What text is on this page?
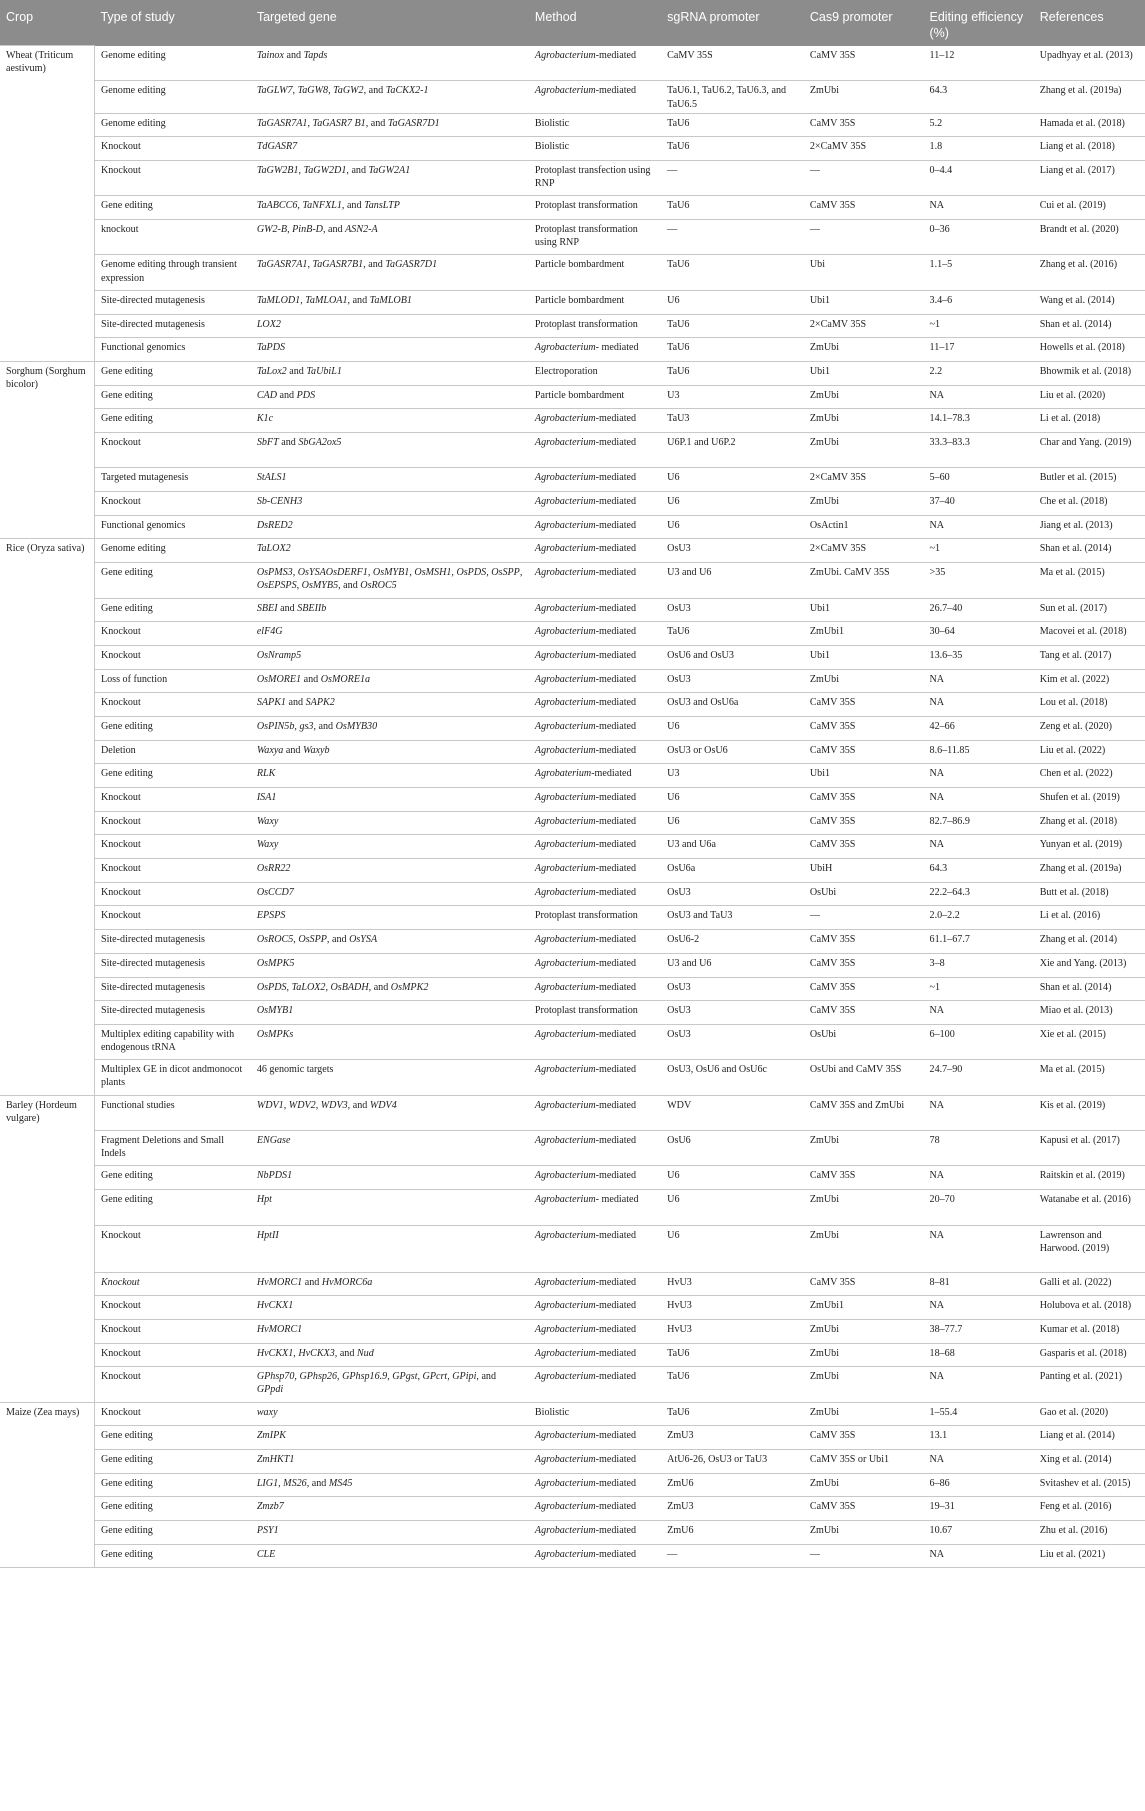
Crop	Type of study	Targeted gene	Method	sgRNA promoter	Cas9 promoter	Editing efficiency (%)	References
Wheat (Triticum aestivum)	Genome editing	Tainox and Tapds	Agrobacterium-mediated	CaMV 35S	CaMV 35S	11–12	Upadhyay et al. (2013)
	Genome editing	TaGLW7, TaGW8, TaGW2, and TaCKX2-1	Agrobacterium-mediated	TaU6.1, TaU6.2, TaU6.3, and TaU6.5	ZmUbi	64.3	Zhang et al. (2019a)
	Genome editing	TaGASR7A1, TaGASR7 B1, and TaGASR7D1	Biolistic	TaU6	CaMV 35S	5.2	Hamada et al. (2018)
	Knockout	TdGASR7	Biolistic	TaU6	2×CaMV 35S	1.8	Liang et al. (2018)
	Knockout	TaGW2B1, TaGW2D1, and TaGW2A1	Protoplast transfection using RNP	—	—	0–4.4	Liang et al. (2017)
	Gene editing	TaABCC6, TaNFXL1, and TansLTP	Protoplast transformation	TaU6	CaMV 35S	NA	Cui et al. (2019)
	knockout	GW2-B, PinB-D, and ASN2-A	Protoplast transformation using RNP	—	—	0–36	Brandt et al. (2020)
	Genome editing through transient expression	TaGASR7A1, TaGASR7B1, and TaGASR7D1	Particle bombardment	TaU6	Ubi	1.1–5	Zhang et al. (2016)
	Site-directed mutagenesis	TaMLOD1, TaMLOA1, and TaMLOB1	Particle bombardment	U6	Ubi1	3.4–6	Wang et al. (2014)
	Site-directed mutagenesis	LOX2	Protoplast transformation	TaU6	2×CaMV 35S	~1	Shan et al. (2014)
	Functional genomics	TaPDS	Agrobacterium- mediated	TaU6	ZmUbi	11–17	Howells et al. (2018)
Sorghum (Sorghum bicolor)	Gene editing	TaLox2 and TaUbiL1	Electroporation	TaU6	Ubi1	2.2	Bhowmik et al. (2018)
	Gene editing	CAD and PDS	Particle bombardment	U3	ZmUbi	NA	Liu et al. (2020)
	Gene editing	K1c	Agrobacterium-mediated	TaU3	ZmUbi	14.1–78.3	Li et al. (2018)
	Knockout	SbFT and SbGA2ox5	Agrobacterium-mediated	U6P.1 and U6P.2	ZmUbi	33.3–83.3	Char and Yang. (2019)
	Targeted mutagenesis	StALS1	Agrobacterium-mediated	U6	2×CaMV 35S	5–60	Butler et al. (2015)
	Knockout	Sb-CENH3	Agrobacterium-mediated	U6	ZmUbi	37–40	Che et al. (2018)
	Functional genomics	DsRED2	Agrobacterium-mediated	U6	OsActin1	NA	Jiang et al. (2013)
Rice (Oryza sativa)	Genome editing	TaLOX2	Agrobacterium-mediated	OsU3	2×CaMV 35S	~1	Shan et al. (2014)
	Gene editing	OsPMS3, OsYSAOsDERF1, OsMYB1, OsMSH1, OsPDS, OsSPP, OsEPSPS, OsMYB5, and OsROC5	Agrobacterium-mediated	U3 and U6	ZmUbi. CaMV 35S	>35	Ma et al. (2015)
	Gene editing	SBEI and SBEIIb	Agrobacterium-mediated	OsU3	Ubi1	26.7–40	Sun et al. (2017)
	Knockout	elF4G	Agrobacterium-mediated	TaU6	ZmUbi1	30–64	Macovei et al. (2018)
	Knockout	OsNramp5	Agrobacterium-mediated	OsU6 and OsU3	Ubi1	13.6–35	Tang et al. (2017)
	Loss of function	OsMORE1 and OsMORE1a	Agrobacterium-mediated	OsU3	ZmUbi	NA	Kim et al. (2022)
	Knockout	SAPK1 and SAPK2	Agrobacterium-mediated	OsU3 and OsU6a	CaMV 35S	NA	Lou et al. (2018)
	Gene editing	OsPIN5b, gs3, and OsMYB30	Agrobacterium-mediated	U6	CaMV 35S	42–66	Zeng et al. (2020)
	Deletion	Waxya and Waxyb	Agrobacterium-mediated	OsU3 or OsU6	CaMV 35S	8.6–11.85	Liu et al. (2022)
	Gene editing	RLK	Agrobaterium-mediated	U3	Ubi1	NA	Chen et al. (2022)
	Knockout	ISA1	Agrobacterium-mediated	U6	CaMV 35S	NA	Shufen et al. (2019)
	Knockout	Waxy	Agrobacterium-mediated	U6	CaMV 35S	82.7–86.9	Zhang et al. (2018)
	Knockout	Waxy	Agrobacterium-mediated	U3 and U6a	CaMV 35S	NA	Yunyan et al. (2019)
	Knockout	OsRR22	Agrobacterium-mediated	OsU6a	UbiH	64.3	Zhang et al. (2019a)
	Knockout	OsCCD7	Agrobacterium-mediated	OsU3	OsUbi	22.2–64.3	Butt et al. (2018)
	Knockout	EPSPS	Protoplast transformation	OsU3 and TaU3	—	2.0–2.2	Li et al. (2016)
	Site-directed mutagenesis	OsROC5, OsSPP, and OsYSA	Agrobacterium-mediated	OsU6-2	CaMV 35S	61.1–67.7	Zhang et al. (2014)
	Site-directed mutagenesis	OsMPK5	Agrobacterium-mediated	U3 and U6	CaMV 35S	3–8	Xie and Yang. (2013)
	Site-directed mutagenesis	OsPDS, TaLOX2, OsBADH, and OsMPK2	Agrobacterium-mediated	OsU3	CaMV 35S	~1	Shan et al. (2014)
	Site-directed mutagenesis	OsMYB1	Protoplast transformation	OsU3	CaMV 35S	NA	Miao et al. (2013)
	Multiplex editing capability with endogenous tRNA	OsMPKs	Agrobacterium-mediated	OsU3	OsUbi	6–100	Xie et al. (2015)
	Multiplex GE in dicot andmonocot plants	46 genomic targets	Agrobacterium-mediated	OsU3, OsU6 and OsU6c	OsUbi and CaMV 35S	24.7–90	Ma et al. (2015)
Barley (Hordeum vulgare)	Functional studies	WDV1, WDV2, WDV3, and WDV4	Agrobacterium-mediated	WDV	CaMV 35S and ZmUbi	NA	Kis et al. (2019)
	Fragment Deletions and Small Indels	ENGase	Agrobacterium-mediated	OsU6	ZmUbi	78	Kapusi et al. (2017)
	Gene editing	NbPDS1	Agrobacterium-mediated	U6	CaMV 35S	NA	Raitskin et al. (2019)
	Gene editing	Hpt	Agrobacterium- mediated	U6	ZmUbi	20–70	Watanabe et al. (2016)
	Knockout	HptII	Agrobacterium-mediated	U6	ZmUbi	NA	Lawrenson and Harwood. (2019)
	Knockout	HvMORC1 and HvMORC6a	Agrobacterium-mediated	HvU3	CaMV 35S	8–81	Galli et al. (2022)
	Knockout	HvCKX1	Agrobacterium-mediated	HvU3	ZmUbi1	NA	Holubova et al. (2018)
	Knockout	HvMORC1	Agrobacterium-mediated	HvU3	ZmUbi	38–77.7	Kumar et al. (2018)
	Knockout	HvCKX1, HvCKX3, and Nud	Agrobacterium-mediated	TaU6	ZmUbi	18–68	Gasparis et al. (2018)
	Knockout	GPhsp70, GPhsp26, GPhsp16.9, GPgst, GPcrt, GPipi, and GPpdi	Agrobacterium-mediated	TaU6	ZmUbi	NA	Panting et al. (2021)
Maize (Zea mays)	Knockout	waxy	Biolistic	TaU6	ZmUbi	1–55.4	Gao et al. (2020)
	Gene editing	ZmIPK	Agrobacterium-mediated	ZmU3	CaMV 35S	13.1	Liang et al. (2014)
	Gene editing	ZmHKT1	Agrobacterium-mediated	AtU6-26, OsU3 or TaU3	CaMV 35S or Ubi1	NA	Xing et al. (2014)
	Gene editing	LIG1, MS26, and MS45	Agrobacterium-mediated	ZmU6	ZmUbi	6–86	Svitashev et al. (2015)
	Gene editing	Zmzb7	Agrobacterium-mediated	ZmU3	CaMV 35S	19–31	Feng et al. (2016)
	Gene editing	PSY1	Agrobacterium-mediated	ZmU6	ZmUbi	10.67	Zhu et al. (2016)
	Gene editing	CLE	Agrobacterium-mediated	—	—	NA	Liu et al. (2021)
